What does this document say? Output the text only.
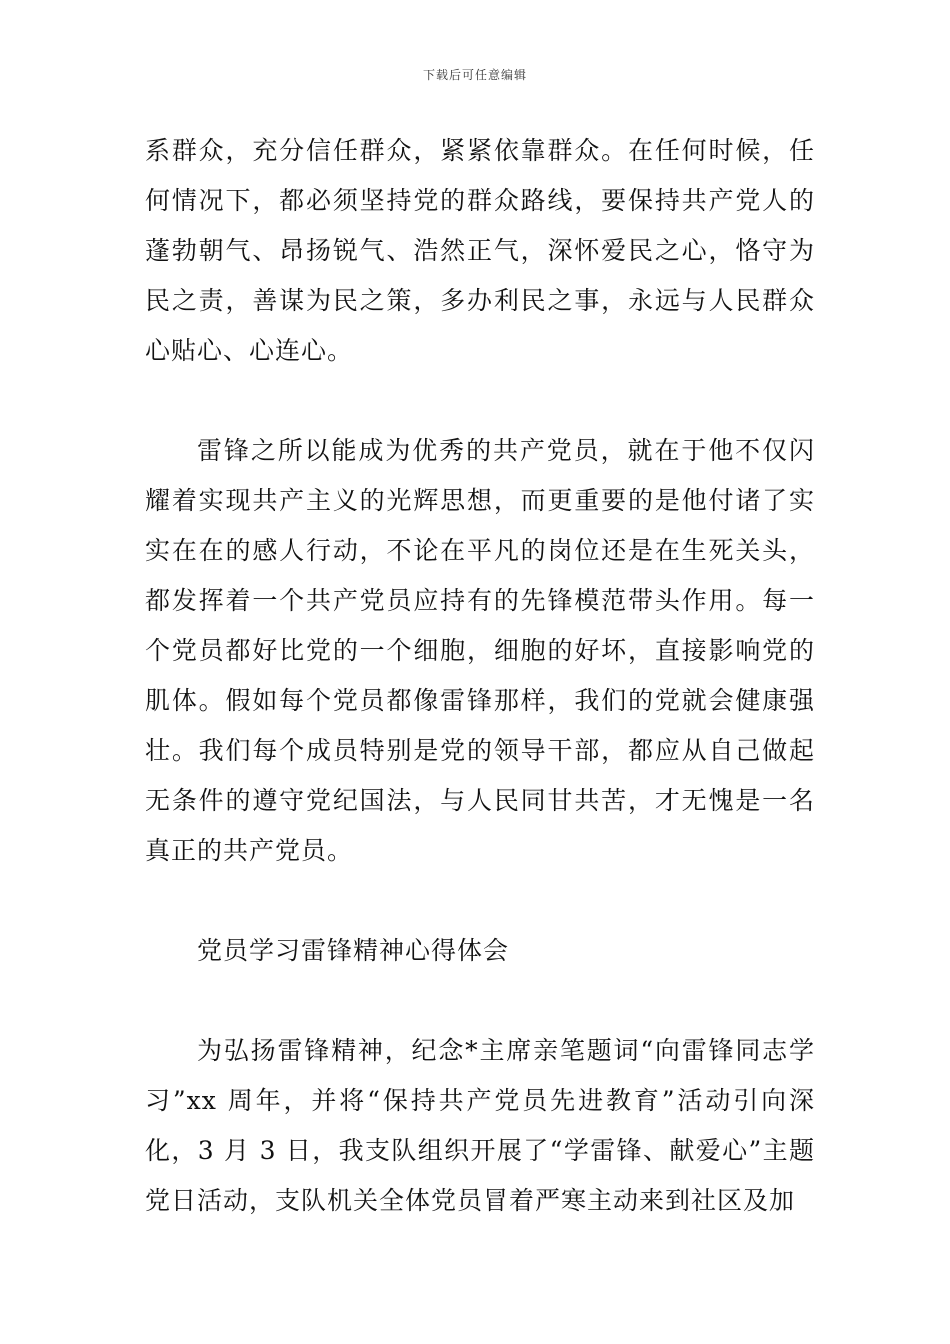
下载后可任意编辑

系群众，充分信任群众，紧紧依靠群众。在任何时候，任何情况下，都必须坚持党的群众路线，要保持共产党人的蓬勃朝气、昂扬锐气、浩然正气，深怀爱民之心，恪守为民之责，善谋为民之策，多办利民之事，永远与人民群众心贴心、心连心。

雷锋之所以能成为优秀的共产党员，就在于他不仅闪耀着实现共产主义的光辉思想，而更重要的是他付诸了实实在在的感人行动，不论在平凡的岗位还是在生死关头，都发挥着一个共产党员应持有的先锋模范带头作用。每一个党员都好比党的一个细胞，细胞的好坏，直接影响党的肌体。假如每个党员都像雷锋那样，我们的党就会健康强壮。我们每个成员特别是党的领导干部，都应从自己做起无条件的遵守党纪国法，与人民同甘共苦，才无愧是一名真正的共产党员。

党员学习雷锋精神心得体会

为弘扬雷锋精神，纪念*主席亲笔题词“向雷锋同志学习”xx 周年，并将“保持共产党员先进教育”活动引向深化，3 月 3 日，我支队组织开展了“学雷锋、献爱心”主题党日活动，支队机关全体党员冒着严寒主动来到社区及加
